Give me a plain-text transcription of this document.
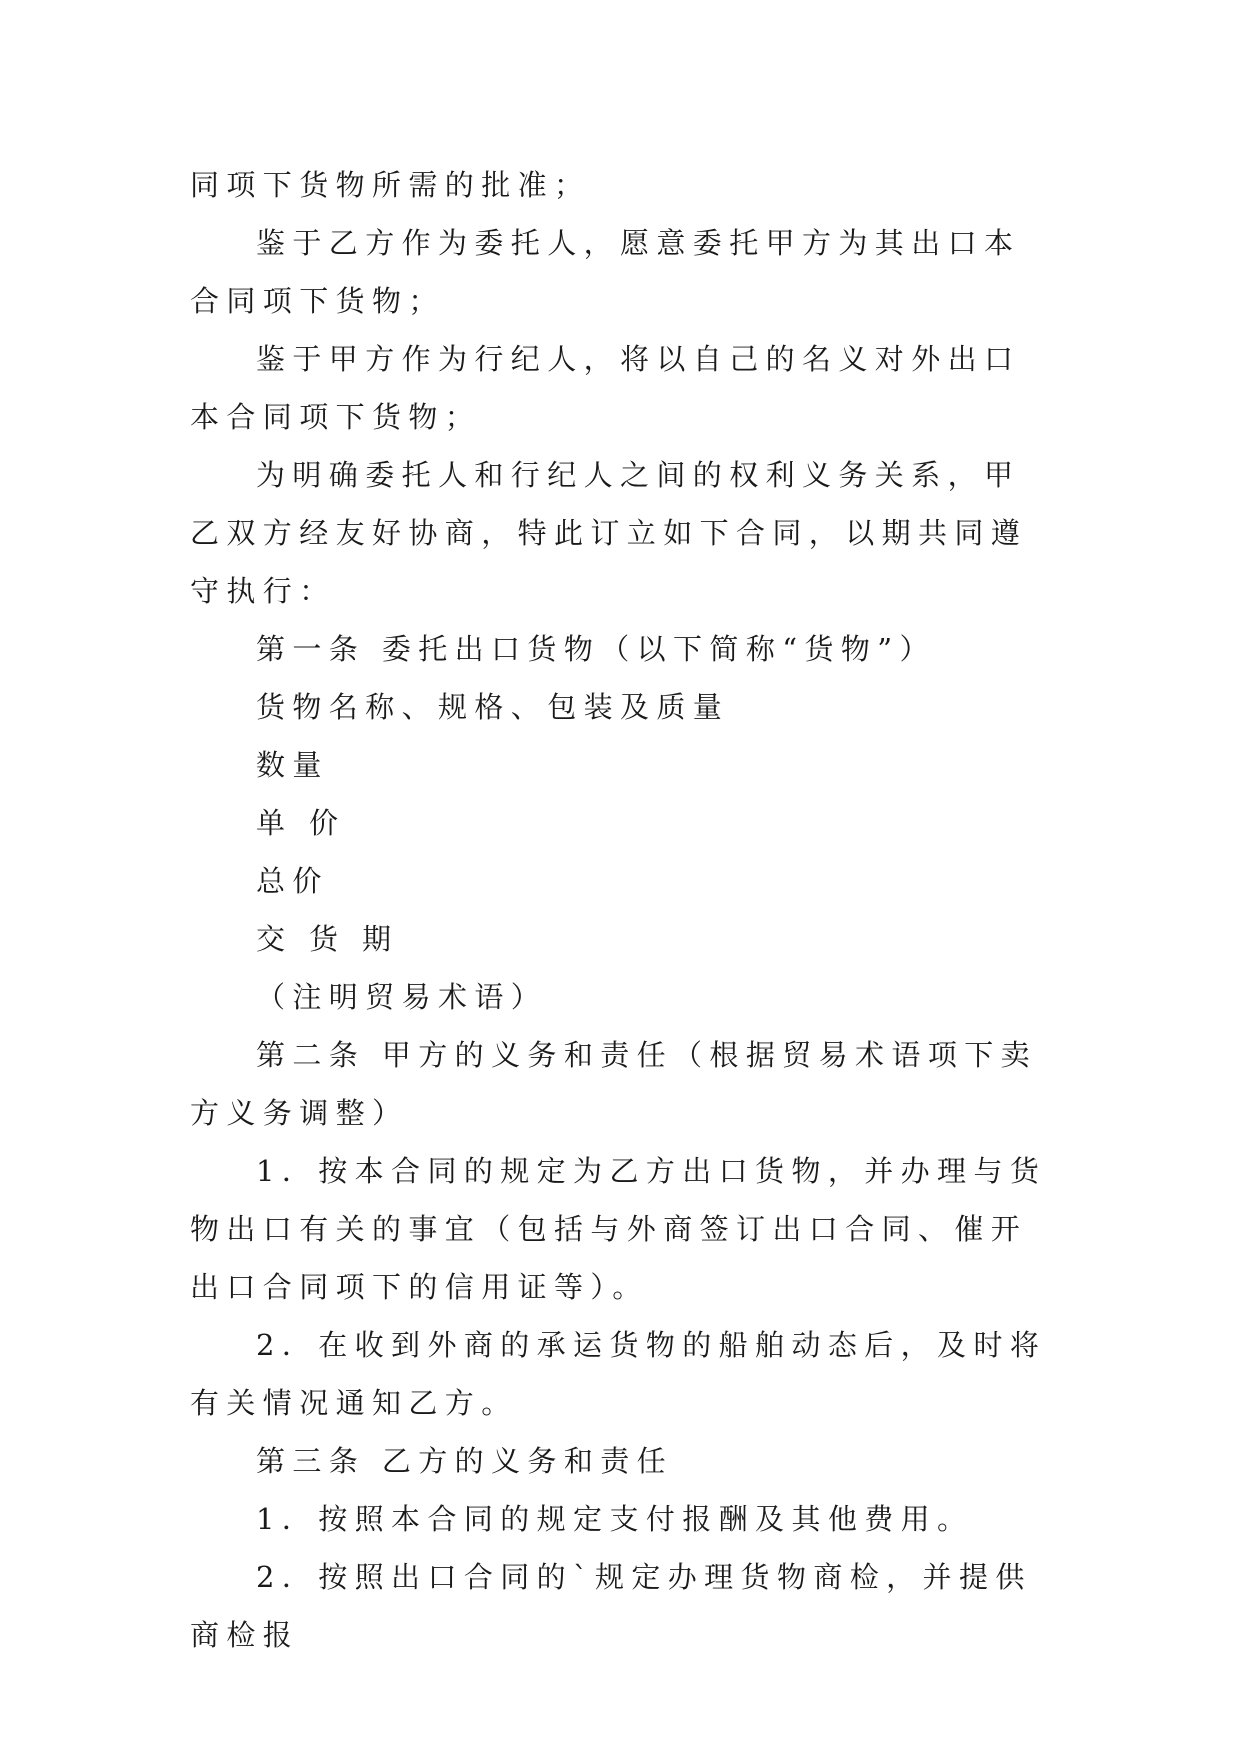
同项下货物所需的批准；

鉴于乙方作为委托人，愿意委托甲方为其出口本合同项下货物；

鉴于甲方作为行纪人，将以自己的名义对外出口本合同项下货物；

为明确委托人和行纪人之间的权利义务关系，甲乙双方经友好协商，特此订立如下合同，以期共同遵守执行：

第一条 委托出口货物（以下简称“货物”）

货物名称、规格、包装及质量

数量

单 价

总价

交 货 期

（注明贸易术语）

第二条 甲方的义务和责任（根据贸易术语项下卖方义务调整）

1．按本合同的规定为乙方出口货物，并办理与货物出口有关的事宜（包括与外商签订出口合同、催开出口合同项下的信用证等）。

2．在收到外商的承运货物的船舶动态后，及时将有关情况通知乙方。

第三条 乙方的义务和责任

1．按照本合同的规定支付报酬及其他费用。

2．按照出口合同的`规定办理货物商检，并提供商检报
